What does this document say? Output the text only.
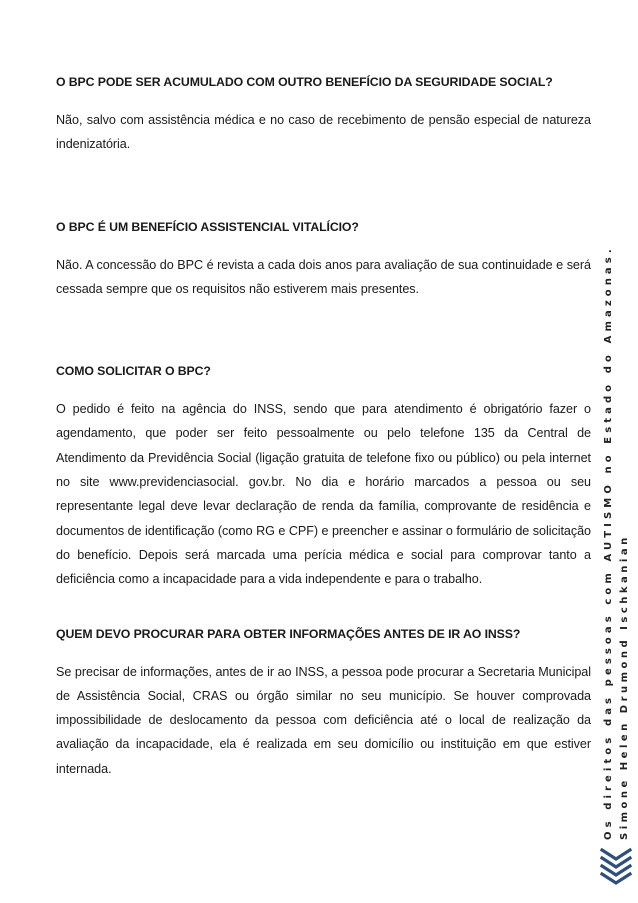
O BPC PODE SER ACUMULADO COM OUTRO BENEFÍCIO DA SEGURIDADE SOCIAL?

Não, salvo com assistência médica e no caso de recebimento de pensão especial de natureza indenizatória.

O BPC É UM BENEFÍCIO ASSISTENCIAL VITALÍCIO?

Não. A concessão do BPC é revista a cada dois anos para avaliação de sua continuidade e será cessada sempre que os requisitos não estiverem mais presentes.

COMO SOLICITAR O BPC?

O pedido é feito na agência do INSS, sendo que para atendimento é obrigatório fazer o agendamento, que poder ser feito pessoalmente ou pelo telefone 135 da Central de Atendimento da Previdência Social (ligação gratuita de telefone fixo ou público) ou pela internet no site www.previdenciasocial. gov.br. No dia e horário marcados a pessoa ou seu representante legal deve levar declaração de renda da família, comprovante de residência e documentos de identificação (como RG e CPF) e preencher e assinar o formulário de solicitação do benefício. Depois será marcada uma perícia médica e social para comprovar tanto a deficiência como a incapacidade para a vida independente e para o trabalho.

QUEM DEVO PROCURAR PARA OBTER INFORMAÇÕES ANTES DE IR AO INSS?

Se precisar de informações, antes de ir ao INSS, a pessoa pode procurar a Secretaria Municipal de Assistência Social, CRAS ou órgão similar no seu município. Se houver comprovada impossibilidade de deslocamento da pessoa com deficiência até o local de realização da avaliação da incapacidade, ela é realizada em seu domicílio ou instituição em que estiver internada.	Os direitos das pessoas com AUTISMO no Estado do Amazonas. Simone Helen Drumond Ischkanian
